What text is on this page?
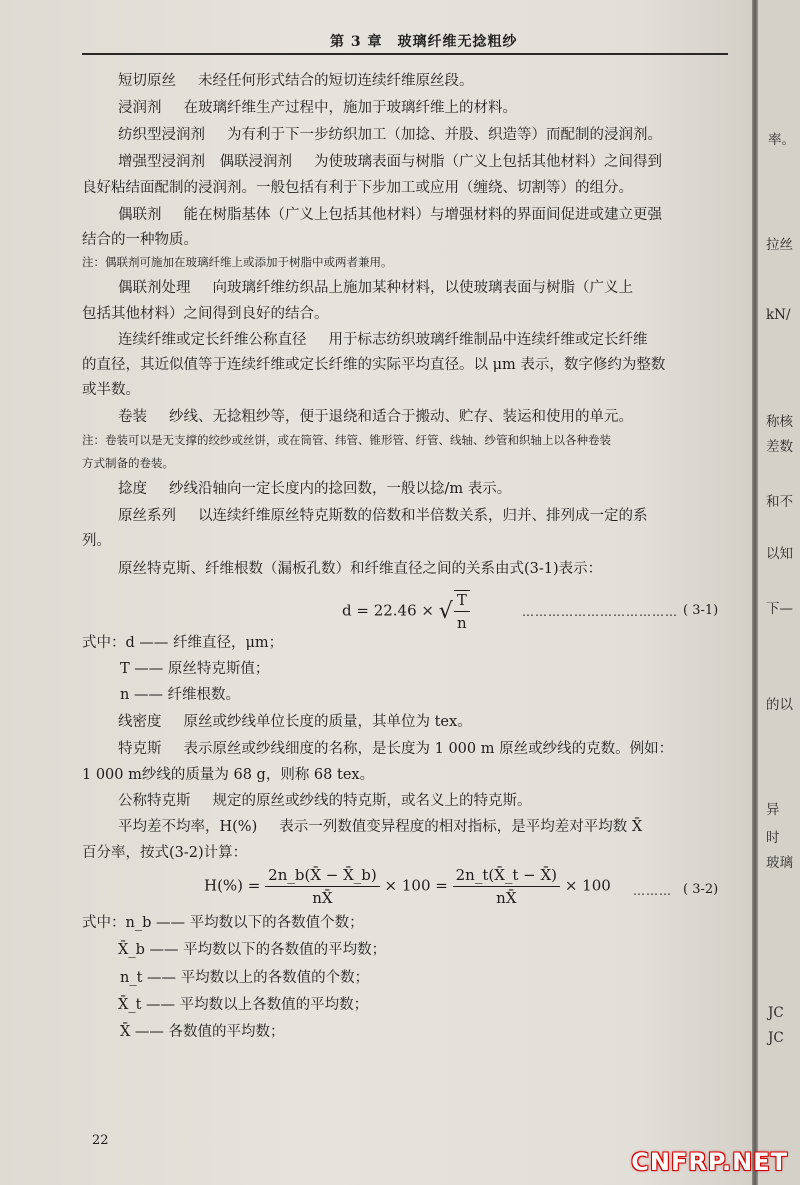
第 3 章　玻璃纤维无捻粗纱
短切原丝 未经任何形式结合的短切连续纤维原丝段。
浸润剂 在玻璃纤维生产过程中，施加于玻璃纤维上的材料。
纺织型浸润剂 为有利于下一步纺织加工（加捻、并股、织造等）而配制的浸润剂。
增强型浸润剂　偶联浸润剂 为使玻璃表面与树脂（广义上包括其他材料）之间得到
良好粘结面配制的浸润剂。一般包括有利于下步加工或应用（缠绕、切割等）的组分。
偶联剂 能在树脂基体（广义上包括其他材料）与增强材料的界面间促进或建立更强
结合的一种物质。
注：偶联剂可施加在玻璃纤维上或添加于树脂中或两者兼用。
偶联剂处理 向玻璃纤维纺织品上施加某种材料，以使玻璃表面与树脂（广义上
包括其他材料）之间得到良好的结合。
连续纤维或定长纤维公称直径 用于标志纺织玻璃纤维制品中连续纤维或定长纤维
的直径，其近似值等于连续纤维或定长纤维的实际平均直径。以 μm 表示，数字修约为整数
或半数。
卷装 纱线、无捻粗纱等，便于退绕和适合于搬动、贮存、装运和使用的单元。
注：卷装可以是无支撑的绞纱或丝饼，或在筒管、纬管、锥形管、纡管、线轴、纱管和织轴上以各种卷装
方式制备的卷装。
捻度 纱线沿轴向一定长度内的捻回数，一般以捻/m 表示。
原丝系列 以连续纤维原丝特克斯数的倍数和半倍数关系，归并、排列成一定的系
列。
原丝特克斯、纤维根数（漏板孔数）和纤维直径之间的关系由式(3-1)表示：
d = 22.46 × √ $\frac{T}{n}$	……………………………… ( 3-1)
式中：d —— 纤维直径，μm；
T —— 原丝特克斯值；
n —— 纤维根数。
线密度 原丝或纱线单位长度的质量，其单位为 tex。
特克斯 表示原丝或纱线细度的名称，是长度为 1 000 m 原丝或纱线的克数。例如：
1 000 m纱线的质量为 68 g，则称 68 tex。
公称特克斯 规定的原丝或纱线的特克斯，或名义上的特克斯。
平均差不均率，H(%) 表示一列数值变异程度的相对指标，是平均差对平均数 X̄
百分率，按式(3-2)计算：
$H(\%) = \frac{2n\_b(X̄ - X̄\_b)}{nX̄} \times 100 = \frac{2n\_t(X̄\_t - X̄)}{nX̄} \times 100$ ……… ( 3-2)
式中：n_b —— 平均数以下的各数值个数；
X̄_b —— 平均数以下的各数值的平均数；
n_t —— 平均数以上的各数值的个数；
X̄_t —— 平均数以上各数值的平均数；
X̄ —— 各数值的平均数；
22
率。
拉丝
kN/
称核
差数
和不
以知
下—
的以
异
时
玻璃
JC
JC
CNFRP.NET
